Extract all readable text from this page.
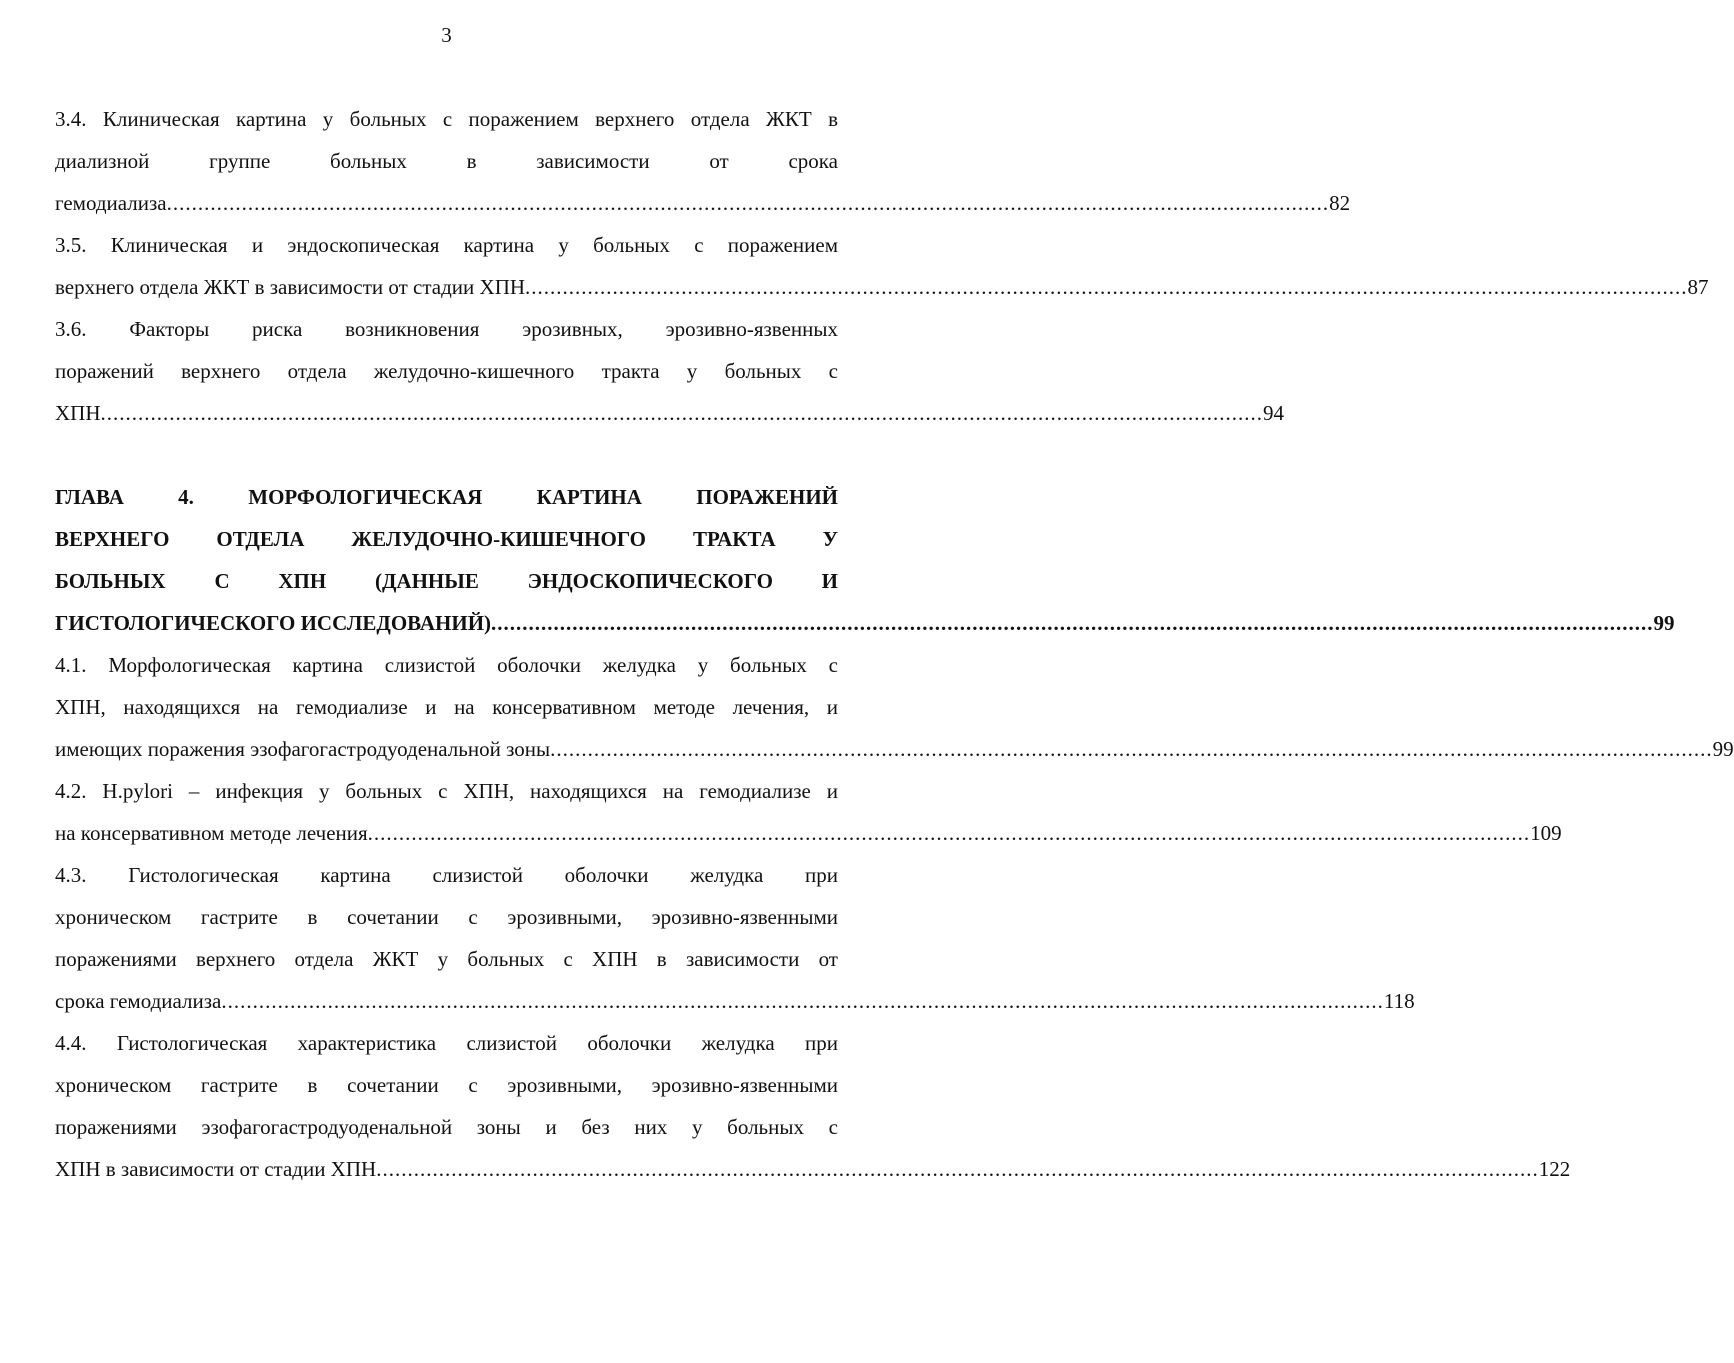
3
3.4. Клиническая картина у больных с поражением верхнего отдела ЖКТ в
диализной группе больных в зависимости от срока
гемодиализа .......................................................................................................................................................................................... 82
3.5. Клиническая и эндоскопическая картина у больных с поражением
верхнего отдела ЖКТ в зависимости от стадии ХПН .......................................................................................................................................................................................... 87
3.6. Факторы риска возникновения эрозивных, эрозивно-язвенных
поражений верхнего отдела желудочно-кишечного тракта у больных с
ХПН .......................................................................................................................................................................................... 94
ГЛАВА 4. МОРФОЛОГИЧЕСКАЯ КАРТИНА ПОРАЖЕНИЙ
ВЕРХНЕГО ОТДЕЛА ЖЕЛУДОЧНО-КИШЕЧНОГО ТРАКТА У
БОЛЬНЫХ С ХПН (ДАННЫЕ ЭНДОСКОПИЧЕСКОГО И
ГИСТОЛОГИЧЕСКОГО ИССЛЕДОВАНИЙ) .......................................................................................................................................................................................... 99
4.1. Морфологическая картина слизистой оболочки желудка у больных с
ХПН, находящихся на гемодиализе и на консервативном методе лечения, и
имеющих поражения эзофагогастродуоденальной зоны .......................................................................................................................................................................................... 99
4.2. H.pylori – инфекция у больных с ХПН, находящихся на гемодиализе и
на консервативном методе лечения .......................................................................................................................................................................................... 109
4.3. Гистологическая картина слизистой оболочки желудка при
хроническом гастрите в сочетании с эрозивными, эрозивно-язвенными
поражениями верхнего отдела ЖКТ у больных с ХПН в зависимости от
срока гемодиализа .......................................................................................................................................................................................... 118
4.4. Гистологическая характеристика слизистой оболочки желудка при
хроническом гастрите в сочетании с эрозивными, эрозивно-язвенными
поражениями эзофагогастродуоденальной зоны и без них у больных с
ХПН в зависимости от стадии ХПН .......................................................................................................................................................................................... 122
